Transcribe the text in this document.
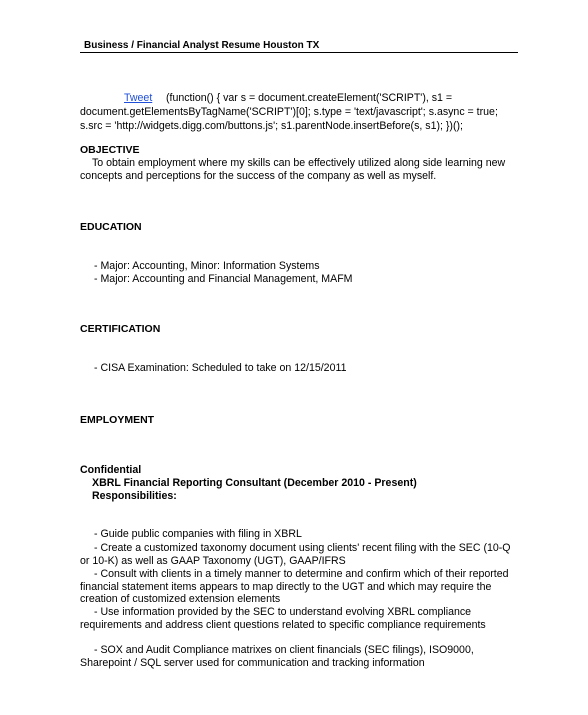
Business / Financial Analyst Resume Houston TX
Tweet (function() { var s = document.createElement('SCRIPT'), s1 =
document.getElementsByTagName('SCRIPT')[0]; s.type = 'text/javascript'; s.async = true;
s.src = 'http://widgets.digg.com/buttons.js'; s1.parentNode.insertBefore(s, s1); })();
OBJECTIVE
To obtain employment where my skills can be effectively utilized along side learning new
concepts and perceptions for the success of the company as well as myself.
EDUCATION
- Major: Accounting, Minor: Information Systems
- Major: Accounting and Financial Management, MAFM
CERTIFICATION
- CISA Examination: Scheduled to take on 12/15/2011
EMPLOYMENT
Confidential
XBRL Financial Reporting Consultant (December 2010 - Present)
Responsibilities:
- Guide public companies with filing in XBRL
- Create a customized taxonomy document using clients' recent filing with the SEC (10-Q
or 10-K) as well as GAAP Taxonomy (UGT), GAAP/IFRS
- Consult with clients in a timely manner to determine and confirm which of their reported
financial statement items appears to map directly to the UGT and which may require the
creation of customized extension elements
- Use information provided by the SEC to understand evolving XBRL compliance
requirements and address client questions related to specific compliance requirements
- SOX and Audit Compliance matrixes on client financials (SEC filings), ISO9000,
Sharepoint / SQL server used for communication and tracking information
